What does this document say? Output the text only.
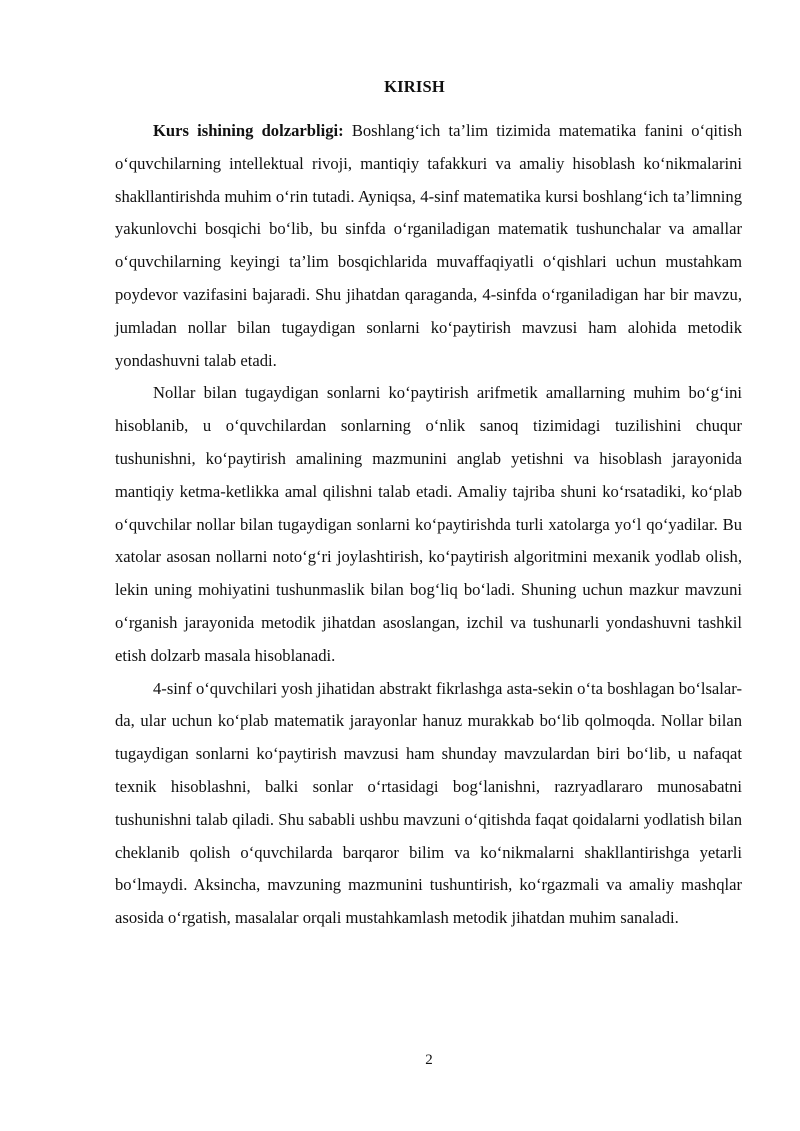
KIRISH

Kurs ishining dolzarbligi: Boshlang‘ich ta’lim tizimida matematika fanini o‘qitish o‘quvchilarning intellektual rivoji, mantiqiy tafakkuri va amaliy hisoblash ko‘nikmalarini shakllantirishda muhim o‘rin tutadi. Ayniqsa, 4-sinf matematika kursi boshlang‘ich ta’limning yakunlovchi bosqichi bo‘lib, bu sinfda o‘rganiladigan matematik tushunchalar va amallar o‘quvchilarning keyingi ta’lim bosqichlarida muvaffaqiyatli o‘qishlari uchun mustahkam poydevor vazifasini bajaradi. Shu jihatdan qaraganda, 4-sinfda o‘rganiladigan har bir mavzu, jumladan nollar bilan tugaydigan sonlarni ko‘paytirish mavzusi ham alohida metodik yondashuvni talab etadi.

Nollar bilan tugaydigan sonlarni ko‘paytirish arifmetik amallarning muhim bo‘g‘ini hisoblanib, u o‘quvchilardan sonlarning o‘nlik sanoq tizimidagi tuzilishini chuqur tushunishni, ko‘paytirish amalining mazmunini anglab yetishni va hisoblash jarayonida mantiqiy ketma-ketlikka amal qilishni talab etadi. Amaliy tajriba shuni ko‘rsatadiki, ko‘plab o‘quvchilar nollar bilan tugaydigan sonlarni ko‘paytirishda turli xatolarga yo‘l qo‘yadilar. Bu xatolar asosan nollarni noto‘g‘ri joylashtirish, ko‘paytirish algoritmini mexanik yodlab olish, lekin uning mohiyatini tushunmaslik bilan bog‘liq bo‘ladi. Shuning uchun mazkur mavzuni o‘rganish jarayonida metodik jihatdan asoslangan, izchil va tushunarli yondashuvni tashkil etish dolzarb masala hisoblanadi.

4-sinf o‘quvchilari yosh jihatidan abstrakt fikrlashga asta-sekin o‘ta boshlagan bo‘lsalar-da, ular uchun ko‘plab matematik jarayonlar hanuz murakkab bo‘lib qolmoqda. Nollar bilan tugaydigan sonlarni ko‘paytirish mavzusi ham shunday mavzulardan biri bo‘lib, u nafaqat texnik hisoblashni, balki sonlar o‘rtasidagi bog‘lanishni, razryadlararo munosabatni tushunishni talab qiladi. Shu sababli ushbu mavzuni o‘qitishda faqat qoidalarni yodlatish bilan cheklanib qolish o‘quvchilarda barqaror bilim va ko‘nikmalarni shakllantirishga yetarli bo‘lmaydi. Aksincha, mavzuning mazmunini tushuntirish, ko‘rgazmali va amaliy mashqlar asosida o‘rgatish, masalalar orqali mustahkamlash metodik jihatdan muhim sanaladi.

2
